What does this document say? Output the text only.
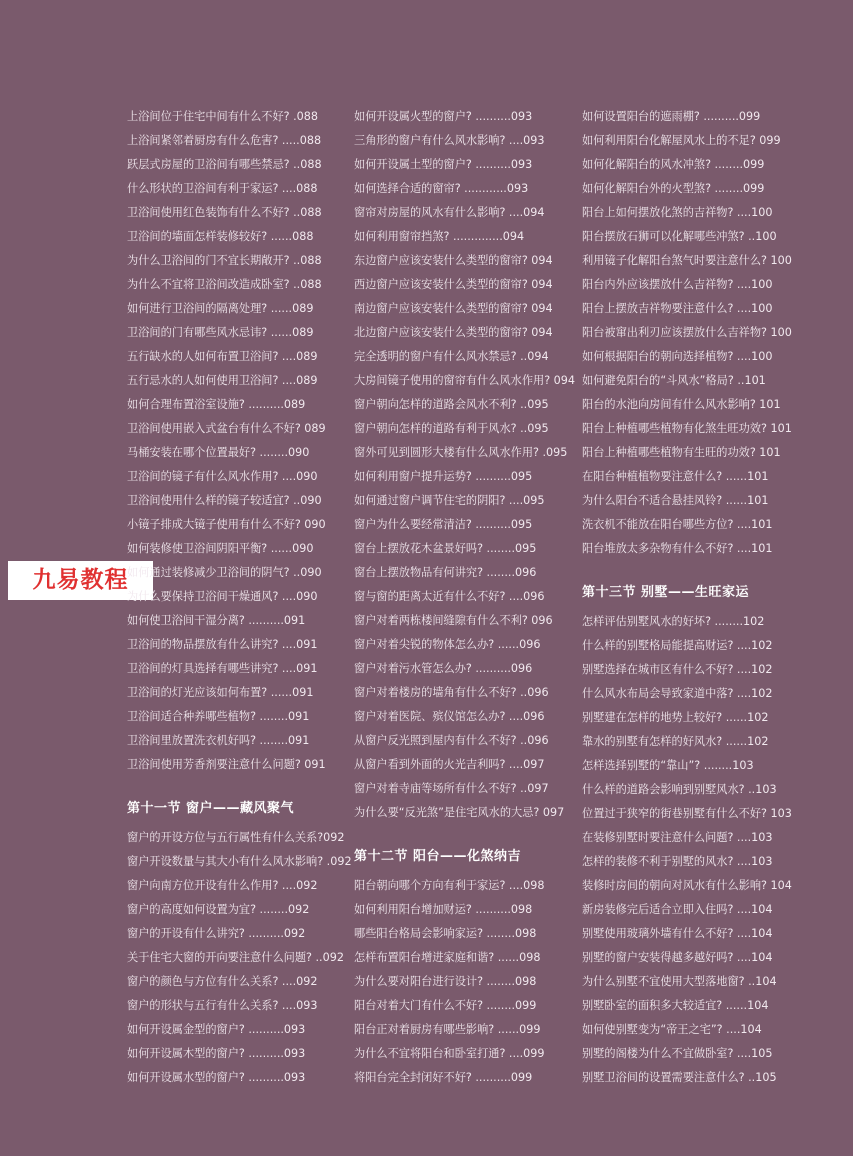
九易教程
上浴间位于住宅中间有什么不好? .088
上浴间紧邻着厨房有什么危害? .....088
跃层式房屋的卫浴间有哪些禁忌? ..088
什么形状的卫浴间有利于家运? ....088
卫浴间使用红色装饰有什么不好? ..088
卫浴间的墙面怎样装修较好? ......088
为什么卫浴间的门不宜长期敞开? ..088
为什么不宜将卫浴间改造成卧室? ..088
如何进行卫浴间的隔离处理? ......089
卫浴间的门有哪些风水忌讳? ......089
五行缺水的人如何布置卫浴间? ....089
五行忌水的人如何使用卫浴间? ....089
如何合理布置浴室设施? ..........089
卫浴间使用嵌入式盆台有什么不好? 089
马桶安装在哪个位置最好? ........090
卫浴间的镜子有什么风水作用? ....090
卫浴间使用什么样的镜子较适宜? ..090
小镜子排成大镜子使用有什么不好? 090
如何装修使卫浴间阴阳平衡? ......090
如何通过装修减少卫浴间的阴气? ..090
为什么要保持卫浴间干燥通风? ....090
如何使卫浴间干湿分离? ..........091
卫浴间的物品摆放有什么讲究? ....091
卫浴间的灯具选择有哪些讲究? ....091
卫浴间的灯光应该如何布置? ......091
卫浴间适合种养哪些植物? ........091
卫浴间里放置洗衣机好吗? ........091
卫浴间使用芳香剂要注意什么问题? 091
第十一节 窗户——藏风聚气
窗户的开设方位与五行属性有什么关系?092
窗户开设数量与其大小有什么风水影响? .092
窗户向南方位开设有什么作用? ....092
窗户的高度如何设置为宜? ........092
窗户的开设有什么讲究? ..........092
关于住宅大窗的开向要注意什么问题? ..092
窗户的颜色与方位有什么关系? ....092
窗户的形状与五行有什么关系? ....093
如何开设属金型的窗户? ..........093
如何开设属木型的窗户? ..........093
如何开设属水型的窗户? ..........093
如何开设属火型的窗户? ..........093
三角形的窗户有什么风水影响? ....093
如何开设属土型的窗户? ..........093
如何选择合适的窗帘? ............093
窗帘对房屋的风水有什么影响? ....094
如何利用窗帘挡煞? ..............094
东边窗户应该安装什么类型的窗帘? 094
西边窗户应该安装什么类型的窗帘? 094
南边窗户应该安装什么类型的窗帘? 094
北边窗户应该安装什么类型的窗帘? 094
完全透明的窗户有什么风水禁忌? ..094
大房间镜子使用的窗帘有什么风水作用? 094
窗户朝向怎样的道路会风水不利? ..095
窗户朝向怎样的道路有利于风水? ..095
窗外可见到圆形大楼有什么风水作用? .095
如何利用窗户提升运势? ..........095
如何通过窗户调节住宅的阴阳? ....095
窗户为什么要经常清洁? ..........095
窗台上摆放花木盆景好吗? ........095
窗台上摆放物品有何讲究? ........096
窗与窗的距离太近有什么不好? ....096
窗户对着两栋楼间缝隙有什么不利? 096
窗户对着尖锐的物体怎么办? ......096
窗户对着污水管怎么办? ..........096
窗户对着楼房的墙角有什么不好? ..096
窗户对着医院、殡仪馆怎么办? ....096
从窗户反光照到屋内有什么不好? ..096
从窗户看到外面的火光吉利吗? ....097
窗户对着寺庙等场所有什么不好? ..097
为什么要“反光煞”是住宅风水的大忌? 097
第十二节 阳台——化煞纳吉
阳台朝向哪个方向有利于家运? ....098
如何利用阳台增加财运? ..........098
哪些阳台格局会影响家运? ........098
怎样布置阳台增进家庭和谐? ......098
为什么要对阳台进行设计? ........098
阳台对着大门有什么不好? ........099
阳台正对着厨房有哪些影响? ......099
为什么不宜将阳台和卧室打通? ....099
将阳台完全封闭好不好? ..........099
如何设置阳台的遮雨棚? ..........099
如何利用阳台化解屋风水上的不足? 099
如何化解阳台的风水冲煞? ........099
如何化解阳台外的火型煞? ........099
阳台上如何摆放化煞的吉祥物? ....100
阳台摆放石狮可以化解哪些冲煞? ..100
利用镜子化解阳台煞气时要注意什么? 100
阳台内外应该摆放什么吉祥物? ....100
阳台上摆放吉祥物要注意什么? ....100
阳台被窜出利刃应该摆放什么吉祥物? 100
如何根据阳台的朝向选择植物? ....100
如何避免阳台的“斗风水”格局? ..101
阳台的水池向房间有什么风水影响? 101
阳台上种植哪些植物有化煞生旺功效? 101
阳台上种植哪些植物有生旺的功效? 101
在阳台种植植物要注意什么? ......101
为什么阳台不适合悬挂风铃? ......101
洗衣机不能放在阳台哪些方位? ....101
阳台堆放太多杂物有什么不好? ....101
第十三节 别墅——生旺家运
怎样评估别墅风水的好坏? ........102
什么样的别墅格局能提高财运? ....102
别墅选择在城市区有什么不好? ....102
什么风水布局会导致家道中落? ....102
别墅建在怎样的地势上较好? ......102
靠水的别墅有怎样的好风水? ......102
怎样选择别墅的“靠山”? ........103
什么样的道路会影响到别墅风水? ..103
位置过于狭窄的街巷别墅有什么不好? 103
在装修别墅时要注意什么问题? ....103
怎样的装修不利于别墅的风水? ....103
装修时房间的朝向对风水有什么影响? 104
新房装修完后适合立即入住吗? ....104
别墅使用玻璃外墙有什么不好? ....104
别墅的窗户安装得越多越好吗? ....104
为什么别墅不宜使用大型落地窗? ..104
别墅卧室的面积多大较适宜? ......104
如何使别墅变为“帝王之宅”? ....104
别墅的阁楼为什么不宜做卧室? ....105
别墅卫浴间的设置需要注意什么? ..105
